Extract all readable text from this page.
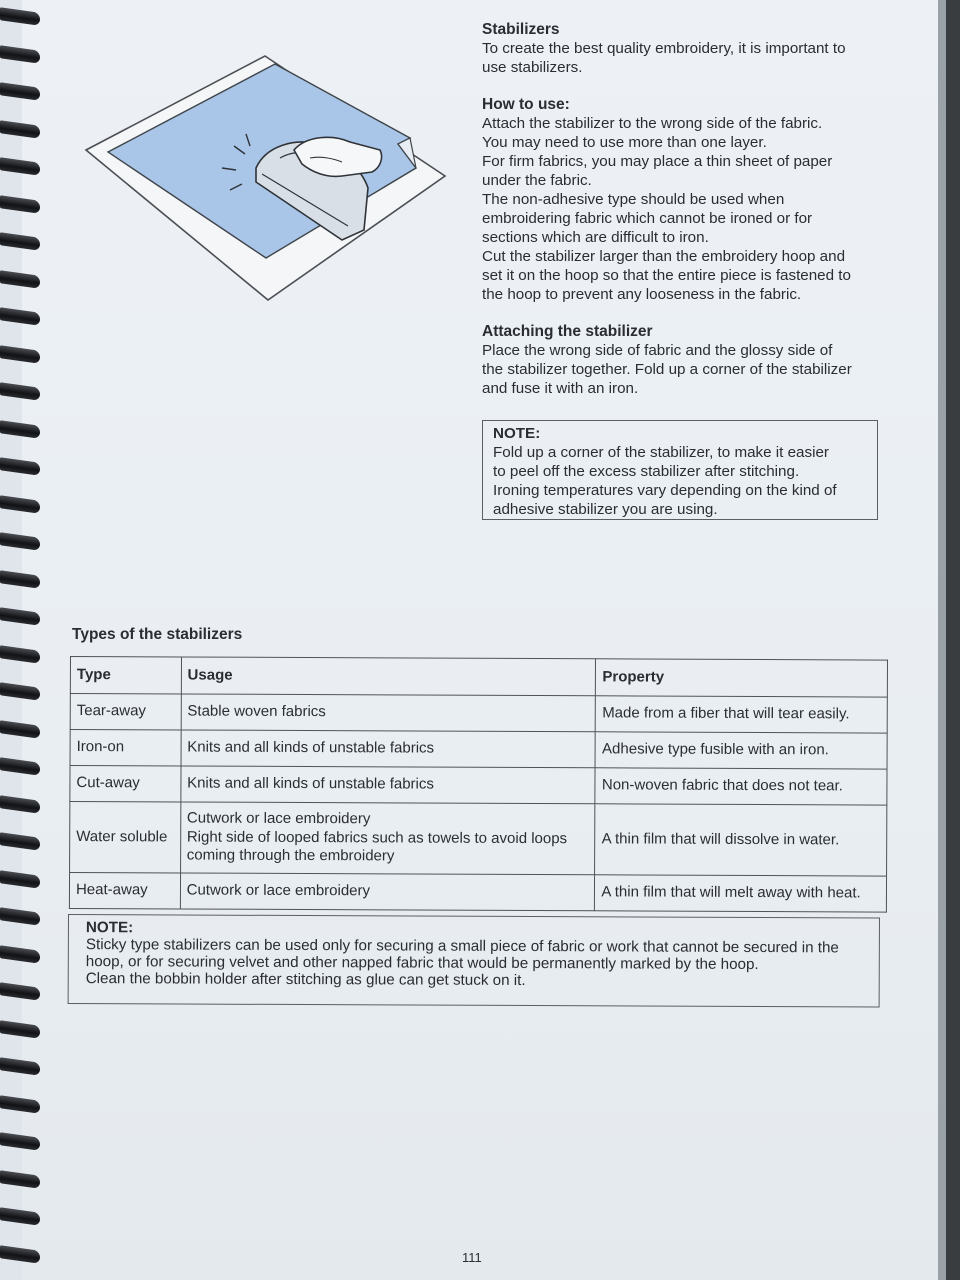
Stabilizers

To create the best quality embroidery, it is important to

use stabilizers.

How to use:

Attach the stabilizer to the wrong side of the fabric.

You may need to use more than one layer.

For firm fabrics, you may place a thin sheet of paper

under the fabric.

The non-adhesive type should be used when

embroidering fabric which cannot be ironed or for

sections which are difficult to iron.

Cut the stabilizer larger than the embroidery hoop and

set it on the hoop so that the entire piece is fastened to

the hoop to prevent any looseness in the fabric.

Attaching the stabilizer

Place the wrong side of fabric and the glossy side of

the stabilizer together. Fold up a corner of the stabilizer

and fuse it with an iron.

NOTE:

Fold up a corner of the stabilizer, to make it easier

to peel off the excess stabilizer after stitching.

Ironing temperatures vary depending on the kind of

adhesive stabilizer you are using.

Types of the stabilizers
Type	Usage	Property
Tear-away	Stable woven fabrics	Made from a fiber that will tear easily.
Iron-on	Knits and all kinds of unstable fabrics	Adhesive type fusible with an iron.
Cut-away	Knits and all kinds of unstable fabrics	Non-woven fabric that does not tear.
Water soluble	Cutwork or lace embroidery
Right side of looped fabrics such as towels to avoid loops
coming through the embroidery	A thin film that will dissolve in water.
Heat-away	Cutwork or lace embroidery	A thin film that will melt away with heat.

NOTE:

Sticky type stabilizers can be used only for securing a small piece of fabric or work that cannot be secured in the

hoop, or for securing velvet and other napped fabric that would be permanently marked by the hoop.

Clean the bobbin holder after stitching as glue can get stuck on it.

111
